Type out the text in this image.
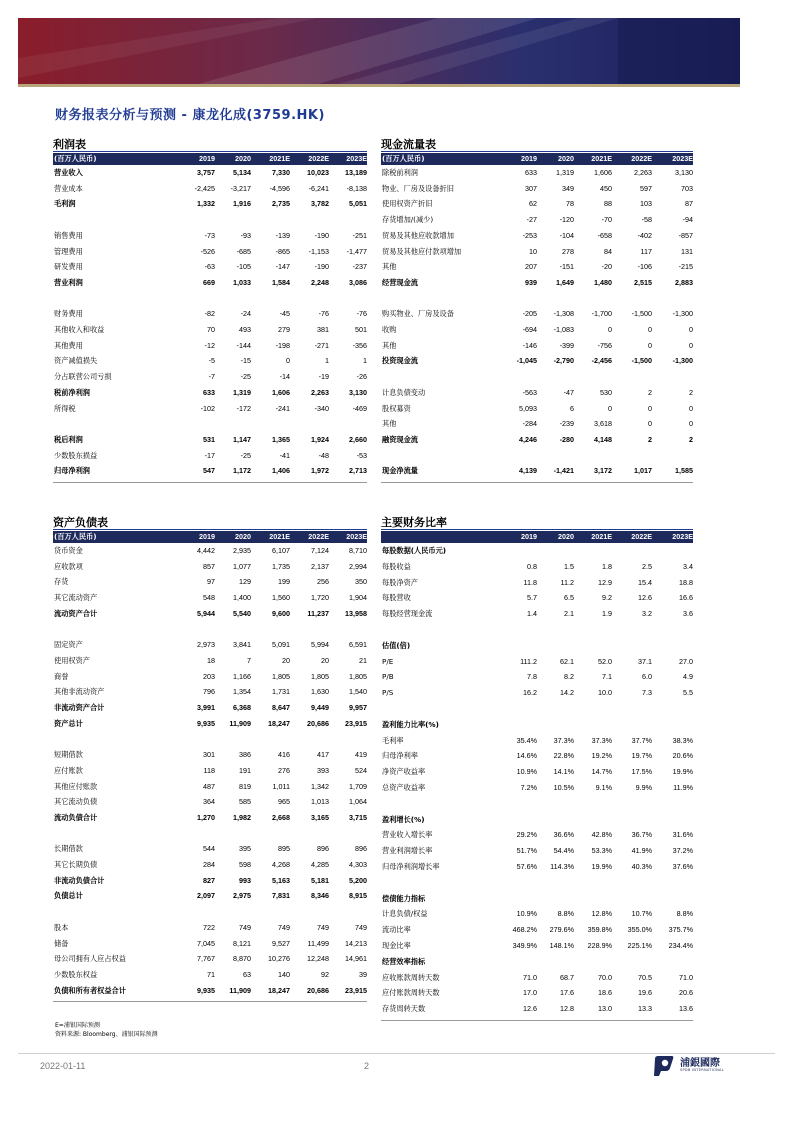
财务报表分析与预测 - 康龙化成(3759.HK)
利润表
(百万人民币)	2019	2020	2021E	2022E	2023E
营业收入	3,757	5,134	7,330	10,023	13,189
营业成本	-2,425	-3,217	-4,596	-6,241	-8,138
毛利润	1,332	1,916	2,735	3,782	5,051
销售费用	-73	-93	-139	-190	-251
管理费用	-526	-685	-865	-1,153	-1,477
研发费用	-63	-105	-147	-190	-237
营业利润	669	1,033	1,584	2,248	3,086
财务费用	-82	-24	-45	-76	-76
其他收入和收益	70	493	279	381	501
其他费用	-12	-144	-198	-271	-356
资产减值损失	-5	-15	0	1	1
分占联营公司亏损	-7	-25	-14	-19	-26
税前净利润	633	1,319	1,606	2,263	3,130
所得税	-102	-172	-241	-340	-469
税后利润	531	1,147	1,365	1,924	2,660
少数股东损益	-17	-25	-41	-48	-53
归母净利润	547	1,172	1,406	1,972	2,713
现金流量表
(百万人民币)	2019	2020	2021E	2022E	2023E
除税前利润	633	1,319	1,606	2,263	3,130
物业、厂房及设备折旧	307	349	450	597	703
使用权资产折旧	62	78	88	103	87
存货增加/(减少)	-27	-120	-70	-58	-94
贸易及其他应收款增加	-253	-104	-658	-402	-857
贸易及其他应付款项增加	10	278	84	117	131
其他	207	-151	-20	-106	-215
经营现金流	939	1,649	1,480	2,515	2,883
购买物业、厂房及设备	-205	-1,308	-1,700	-1,500	-1,300
收购	-694	-1,083	0	0	0
其他	-146	-399	-756	0	0
投资现金流	-1,045	-2,790	-2,456	-1,500	-1,300
计息负债变动	-563	-47	530	2	2
股权募资	5,093	6	0	0	0
其他	-284	-239	3,618	0	0
融资现金流	4,246	-280	4,148	2	2
现金净流量	4,139	-1,421	3,172	1,017	1,585
资产负债表
(百万人民币)	2019	2020	2021E	2022E	2023E
货币资金	4,442	2,935	6,107	7,124	8,710
应收款项	857	1,077	1,735	2,137	2,994
存货	97	129	199	256	350
其它流动资产	548	1,400	1,560	1,720	1,904
流动资产合计	5,944	5,540	9,600	11,237	13,958
固定资产	2,973	3,841	5,091	5,994	6,591
使用权资产	18	7	20	20	21
商誉	203	1,166	1,805	1,805	1,805
其他非流动资产	796	1,354	1,731	1,630	1,540
非流动资产合计	3,991	6,368	8,647	9,449	9,957
资产总计	9,935	11,909	18,247	20,686	23,915
短期借款	301	386	416	417	419
应付账款	118	191	276	393	524
其他应付账款	487	819	1,011	1,342	1,709
其它流动负债	364	585	965	1,013	1,064
流动负债合计	1,270	1,982	2,668	3,165	3,715
长期借款	544	395	895	896	896
其它长期负债	284	598	4,268	4,285	4,303
非流动负债合计	827	993	5,163	5,181	5,200
负债总计	2,097	2,975	7,831	8,346	8,915
股本	722	749	749	749	749
储备	7,045	8,121	9,527	11,499	14,213
母公司拥有人应占权益	7,767	8,870	10,276	12,248	14,961
少数股东权益	71	63	140	92	39
负债和所有者权益合计	9,935	11,909	18,247	20,686	23,915
主要财务比率
2019	2020	2021E	2022E	2023E
每股数据(人民币元)
每股收益	0.8	1.5	1.8	2.5	3.4
每股净资产	11.8	11.2	12.9	15.4	18.8
每股营收	5.7	6.5	9.2	12.6	16.6
每股经营现金流	1.4	2.1	1.9	3.2	3.6
估值(倍)
P/E	111.2	62.1	52.0	37.1	27.0
P/B	7.8	8.2	7.1	6.0	4.9
P/S	16.2	14.2	10.0	7.3	5.5
盈利能力比率(%)
毛利率	35.4%	37.3%	37.3%	37.7%	38.3%
归母净利率	14.6%	22.8%	19.2%	19.7%	20.6%
净资产收益率	10.9%	14.1%	14.7%	17.5%	19.9%
总资产收益率	7.2%	10.5%	9.1%	9.9%	11.9%
盈利增长(%)
营业收入增长率	29.2%	36.6%	42.8%	36.7%	31.6%
营业利润增长率	51.7%	54.4%	53.3%	41.9%	37.2%
归母净利润增长率	57.6%	114.3%	19.9%	40.3%	37.6%
偿债能力指标
计息负债/权益	10.9%	8.8%	12.8%	10.7%	8.8%
流动比率	468.2%	279.6%	359.8%	355.0%	375.7%
现金比率	349.9%	148.1%	228.9%	225.1%	234.4%
经营效率指标
应收账款周转天数	71.0	68.7	70.0	70.5	71.0
应付账款周转天数	17.0	17.6	18.6	19.6	20.6
存货周转天数	12.6	12.8	13.0	13.3	13.6
E=浦银国际预测
资料来源: Bloomberg、浦银国际预测
2022-01-11	2	浦銀國際
SPDB INTERNATIONAL
